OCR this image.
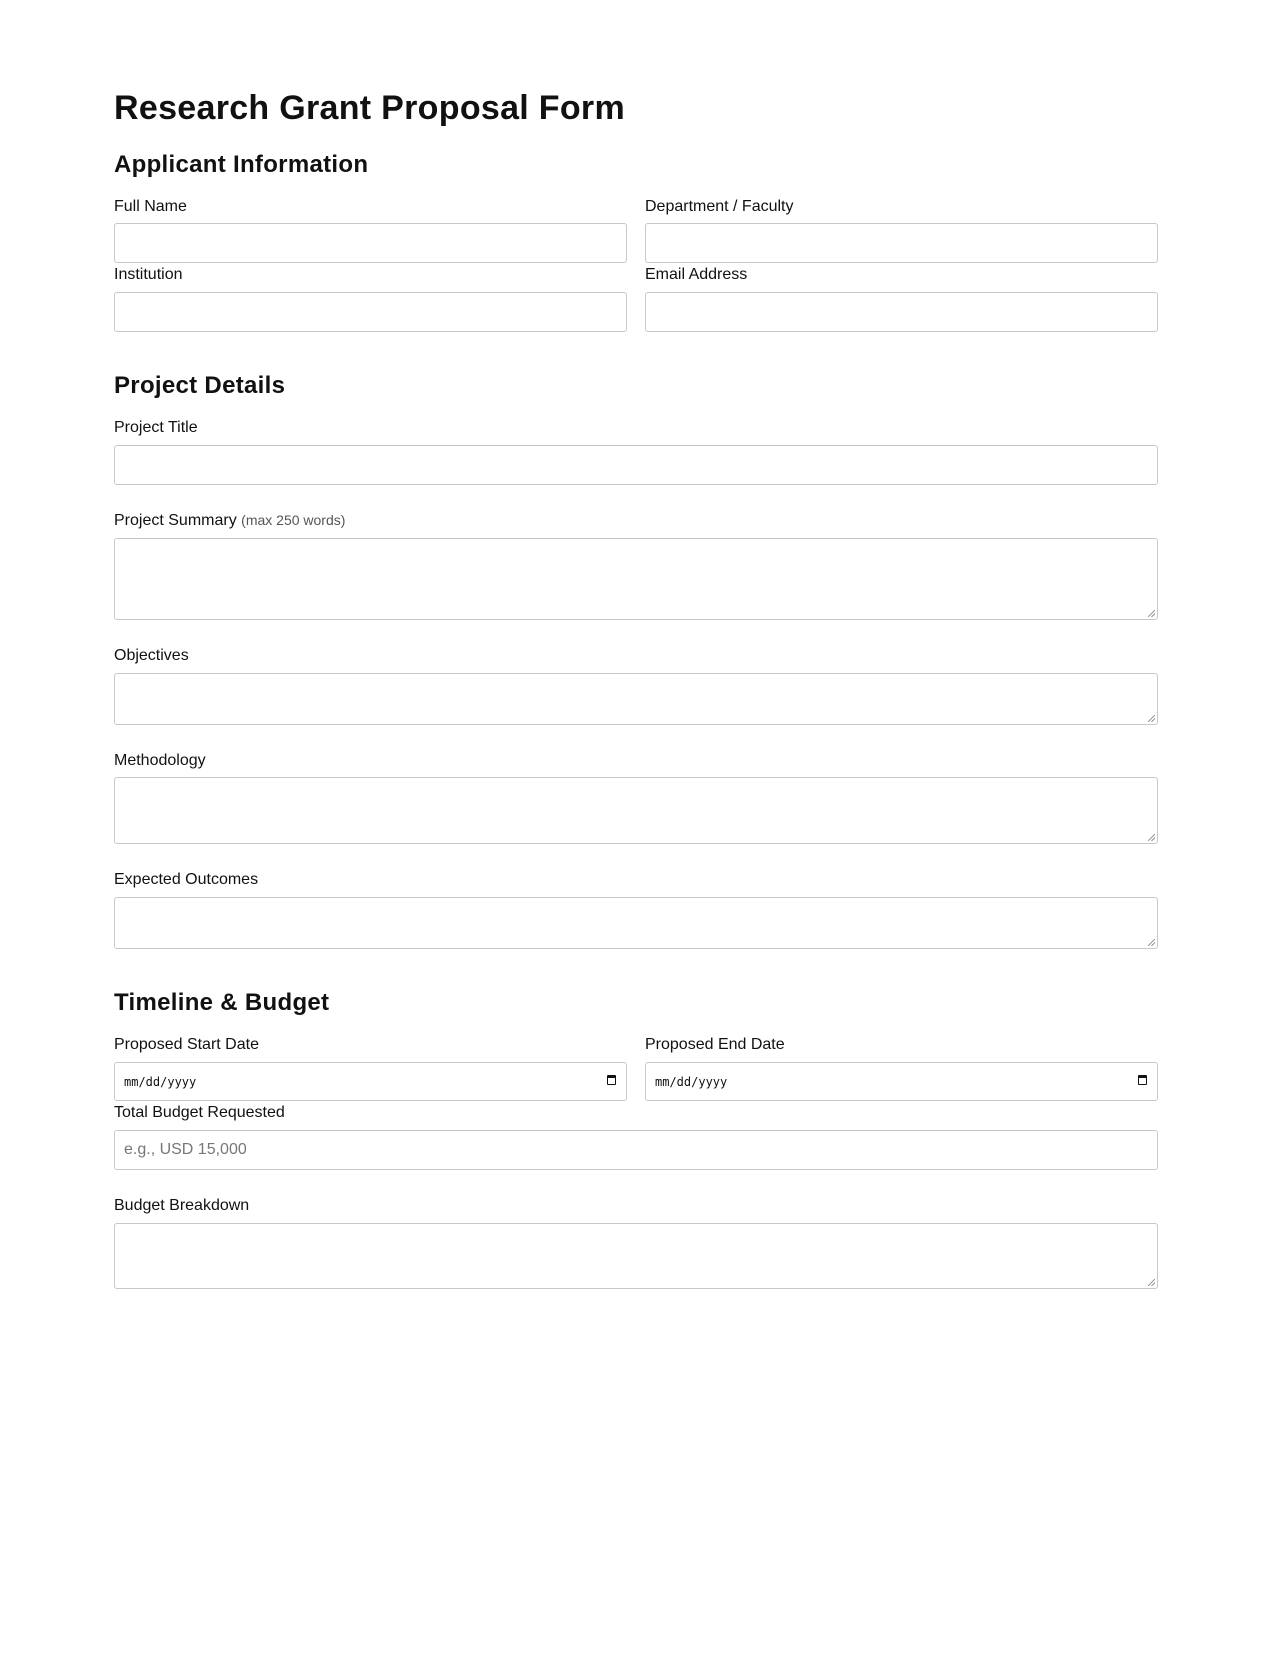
Research Grant Proposal Form
Applicant Information
Full Name	Department / Faculty
Institution	Email Address
Project Details
Project Title
Project Summary (max 250 words)
Objectives
Methodology
Expected Outcomes
Timeline & Budget
Proposed Start Date
mm/dd/yyyy
Proposed End Date
mm/dd/yyyy
Total Budget Requested
e.g., USD 15,000
Budget Breakdown
